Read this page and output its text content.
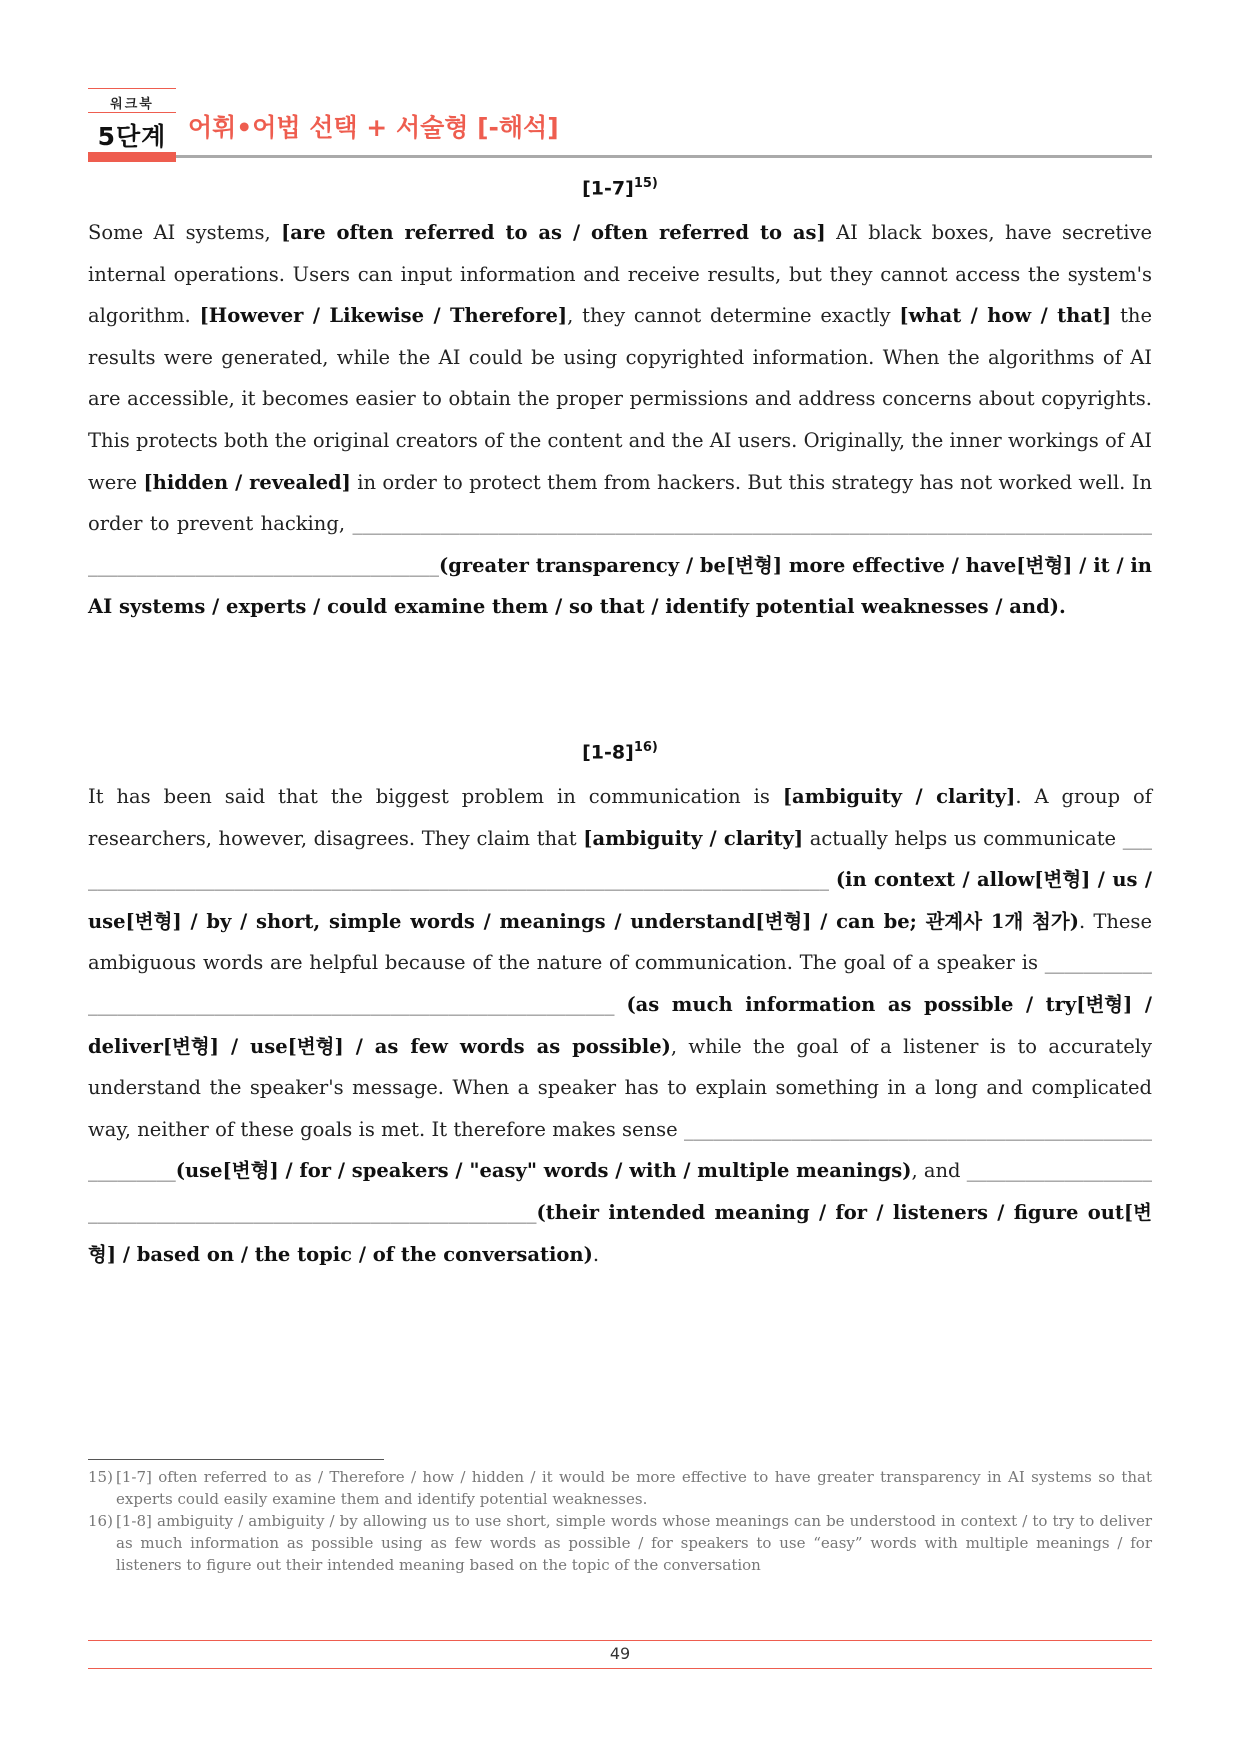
워크북
5단계 어휘•어법 선택 + 서술형 [-해석]
$[1-7]^{15)}$
Some AI systems, [are often referred to as / often referred to as] AI black boxes, have secretive internal operations. Users can input information and receive results, but they cannot access the system's algorithm. [However / Likewise / Therefore], they cannot determine exactly [what / how / that] the results were generated, while the AI could be using copyrighted information. When the algorithms of AI are accessible, it becomes easier to obtain the proper permissions and address concerns about copyrights. This protects both the original creators of the content and the AI users. Originally, the inner workings of AI were [hidden / revealed] in order to protect them from hackers. But this strategy has not worked well. In order to prevent hacking, ______________________________________________________________________________________________________________________(greater transparency / be[변형] more effective / have[변형] / it / in AI systems / experts / could examine them / so that / identify potential weaknesses / and).
$[1-8]^{16)}$
It has been said that the biggest problem in communication is [ambiguity / clarity]. A group of researchers, however, disagrees. They claim that [ambiguity / clarity] actually helps us communicate _______________________________________________________________________________ (in context / allow[변형] / us / use[변형] / by / short, simple words / meanings / understand[변형] / can be; 관계사 1개 첨가). These ambiguous words are helpful because of the nature of communication. The goal of a speaker is _________________________________________________________________ (as much information as possible / try[변형] / deliver[변형] / use[변형] / as few words as possible), while the goal of a listener is to accurately understand the speaker's message. When a speaker has to explain something in a long and complicated way, neither of these goals is met. It therefore makes sense _________________________________________________________(use[변형] / for / speakers / "easy" words / with / multiple meanings), and _________________________________________________________________(their intended meaning / for / listeners / figure out[변형] / based on / the topic / of the conversation).
15) [1-7] often referred to as / Therefore / how / hidden / it would be more effective to have greater transparency in AI systems so that experts could easily examine them and identify potential weaknesses.
16) [1-8] ambiguity / ambiguity / by allowing us to use short, simple words whose meanings can be understood in context / to try to deliver as much information as possible using as few words as possible / for speakers to use “easy” words with multiple meanings / for listeners to figure out their intended meaning based on the topic of the conversation
49
